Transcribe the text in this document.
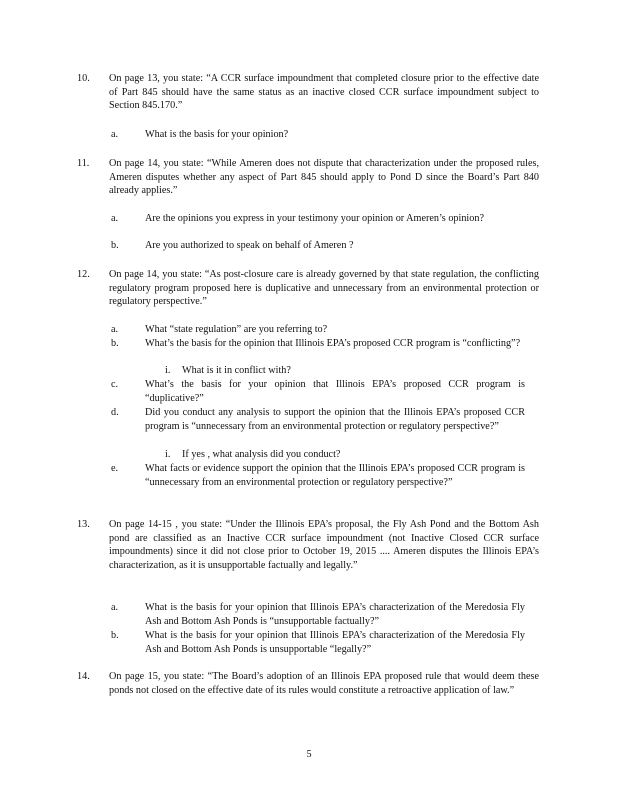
10. On page 13, you state: “A CCR surface impoundment that completed closure prior to the effective date of Part 845 should have the same status as an inactive closed CCR surface impoundment subject to Section 845.170.”
a.	What is the basis for your opinion?
11. On page 14, you state: “While Ameren does not dispute that characterization under the proposed rules, Ameren disputes whether any aspect of Part 845 should apply to Pond D since the Board’s Part 840 already applies.”
a.	Are the opinions you express in your testimony your opinion or Ameren’s opinion?
b.	Are you authorized to speak on behalf of Ameren ?
12. On page 14, you state: “As post-closure care is already governed by that state regulation, the conflicting regulatory program proposed here is duplicative and unnecessary from an environmental protection or regulatory perspective.”
a.	What “state regulation” are you referring to?
b.	What’s the basis for the opinion that Illinois EPA’s proposed CCR program is “conflicting”?
i. What is it in conflict with?
c.	What’s the basis for your opinion that Illinois EPA’s proposed CCR program is “duplicative?”
d.	Did you conduct any analysis to support the opinion that the Illinois EPA’s proposed CCR program is “unnecessary from an environmental protection or regulatory perspective?”
i. If yes , what analysis did you conduct?
e.	What facts or evidence support the opinion that the Illinois EPA’s proposed CCR program is “unnecessary from an environmental protection or regulatory perspective?”
13. On page 14-15 , you state: “Under the Illinois EPA’s proposal, the Fly Ash Pond and the Bottom Ash pond are classified as an Inactive CCR surface impoundment (not Inactive Closed CCR surface impoundments) since it did not close prior to October 19, 2015 .... Ameren disputes the Illinois EPA’s characterization, as it is unsupportable factually and legally.”
a.	What is the basis for your opinion that Illinois EPA’s characterization of the Meredosia Fly Ash and Bottom Ash Ponds is “unsupportable factually?”
b.	What is the basis for your opinion that Illinois EPA’s characterization of the Meredosia Fly Ash and Bottom Ash Ponds is unsupportable “legally?”
14. On page 15, you state: “The Board’s adoption of an Illinois EPA proposed rule that would deem these ponds not closed on the effective date of its rules would constitute a retroactive application of law.”
5
